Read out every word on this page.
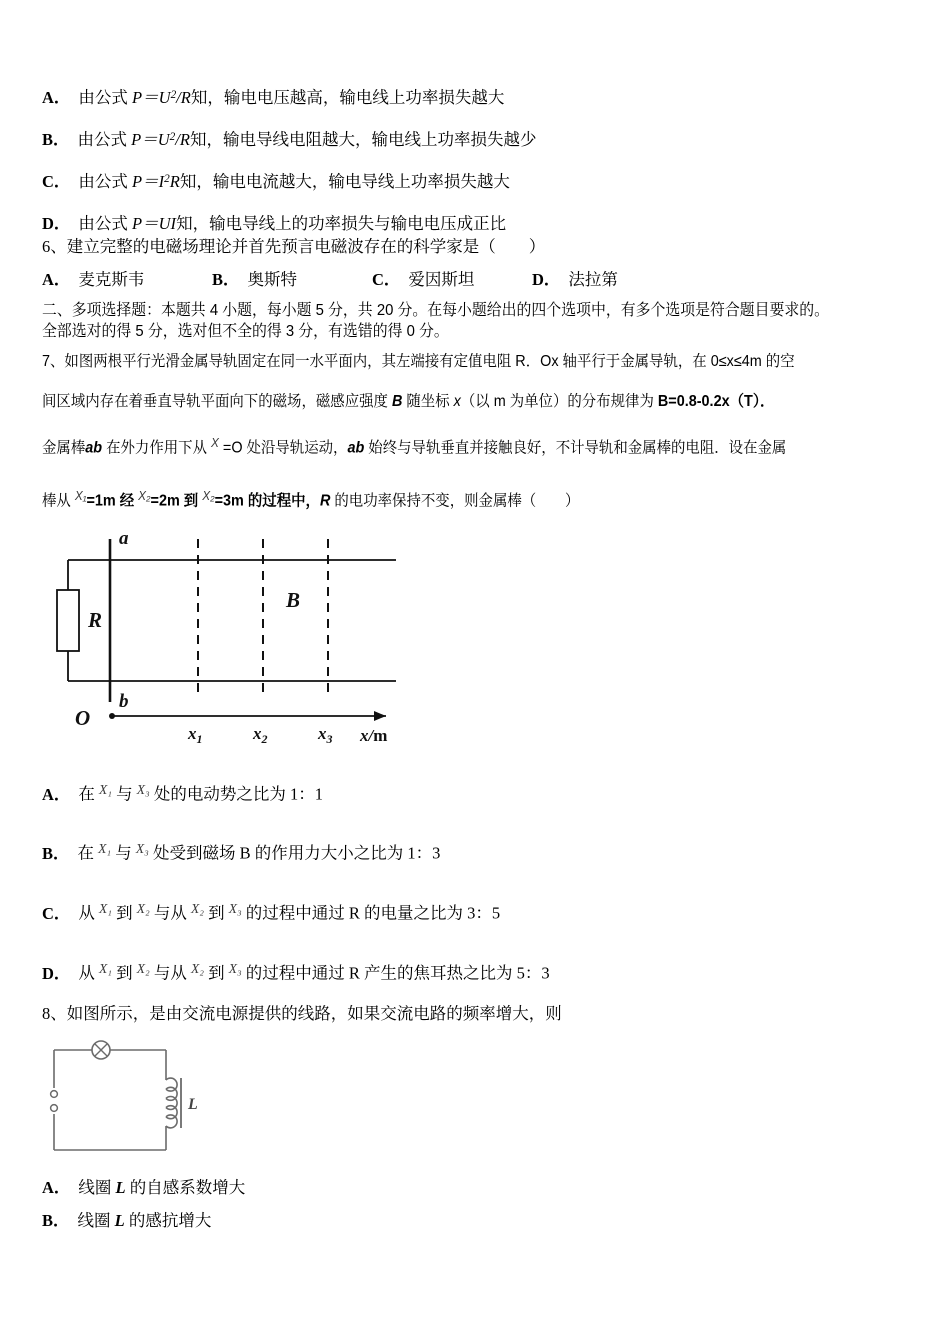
A． 由公式 $P=U^2/R$知，输电电压越高，输电线上功率损失越大
B． 由公式 $P=U^2/R$知，输电导线电阻越大，输电线上功率损失越少
C． 由公式 $P=I^2R$知，输电电流越大，输电导线上功率损失越大
D． 由公式 P＝UI知，输电导线上的功率损失与输电电压成正比
6、建立完整的电磁场理论并首先预言电磁波存在的科学家是（　　）
A． 麦克斯韦	B． 奥斯特	C． 爱因斯坦	D． 法拉第
二、多项选择题：本题共 4 小题，每小题 5 分，共 20 分。在每小题给出的四个选项中，有多个选项是符合题目要求的。
全部选对的得 5 分，选对但不全的得 3 分，有选错的得 0 分。
7、如图两根平行光滑金属导轨固定在同一水平面内，其左端接有定值电阻 R．Ox 轴平行于金属导轨，在 0≤x≤4m 的空
间区域内存在着垂直导轨平面向下的磁场，磁感应强度 B 随坐标 x（以 m 为单位）的分布规律为 B=0.8-0.2x（T）．
金属棒ab 在外力作用下从 $^X$ =O 处沿导轨运动，ab 始终与导轨垂直并接触良好，不计导轨和金属棒的电阻．设在金属
棒从 $^{X_1}$=1m 经 $^{X_2}$=2m 到 $^{X_2}$=3m 的过程中，R 的电功率保持不变，则金属棒（　　）
a
b
R
B
O
$x_1$	$x_2$	$x_3$ x/m
A． 在 $^{X_1}$ 与 $^{X_3}$ 处的电动势之比为 1：1
B． 在 $^{X_1}$ 与 $^{X_3}$ 处受到磁场 B 的作用力大小之比为 1：3
C． 从 $^{X_1}$ 到 $^{X_2}$ 与从 $^{X_2}$ 到 $^{X_3}$ 的过程中通过 R 的电量之比为 3：5
D． 从 $^{X_1}$ 到 $^{X_2}$ 与从 $^{X_2}$ 到 $^{X_3}$ 的过程中通过 R 产生的焦耳热之比为 5：3
8、如图所示，是由交流电源提供的线路，如果交流电路的频率增大，则
A． 线圈 L 的自感系数增大
B． 线圈 L 的感抗增大
L
